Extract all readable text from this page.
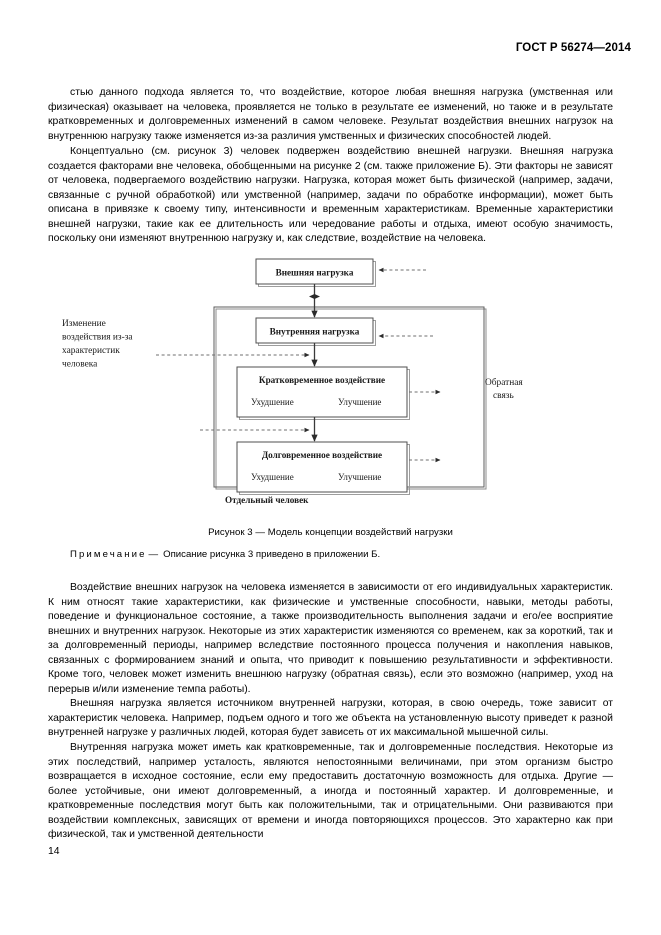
ГОСТ Р 56274—2014

стью данного подхода является то, что воздействие, которое любая внешняя нагрузка (умственная или физическая) оказывает на человека, проявляется не только в результате ее изменений, но также и в результате кратковременных и долговременных изменений в самом человеке. Результат воздействия внешних нагрузок на внутреннюю нагрузку также изменяется из-за различия умственных и физических способностей людей.

Концептуально (см. рисунок 3) человек подвержен воздействию внешней нагрузки. Внешняя нагрузка создается факторами вне человека, обобщенными на рисунке 2 (см. также приложение Б). Эти факторы не зависят от человека, подвергаемого воздействию нагрузки. Нагрузка, которая может быть физической (например, задачи, связанные с ручной обработкой) или умственной (например, задачи по обработке информации), может быть описана в привязке к своему типу, интенсивности и временным характеристикам. Временные характеристики внешней нагрузки, такие как ее длительность или чередование работы и отдыха, имеют особую значимость, поскольку они изменяют внутреннюю нагрузку и, как следствие, воздействие на человека.

Внешняя нагрузка
Внутренняя нагрузка
Кратковременное воздействие
Ухудшение	Улучшение
Долговременное воздействие
Ухудшение	Улучшение
Отдельный человек
Обратная
связь
Изменение
воздействия из-за
характеристик
человека
Рисунок 3 — Модель концепции воздействий нагрузки
Примечание — Описание рисунка 3 приведено в приложении Б.

Воздействие внешних нагрузок на человека изменяется в зависимости от его индивидуальных характеристик. К ним относят такие характеристики, как физические и умственные способности, навыки, методы работы, поведение и функциональное состояние, а также производительность выполнения задачи и его/ее восприятие внешних и внутренних нагрузок. Некоторые из этих характеристик изменяются со временем, как за короткий, так и за долговременный периоды, например вследствие постоянного процесса получения и накопления навыков, связанных с формированием знаний и опыта, что приводит к повышению результативности и эффективности. Кроме того, человек может изменить внешнюю нагрузку (обратная связь), если это возможно (например, уход на перерыв и/или изменение темпа работы).

Внешняя нагрузка является источником внутренней нагрузки, которая, в свою очередь, тоже зависит от характеристик человека. Например, подъем одного и того же объекта на установленную высоту приведет к разной внутренней нагрузке у различных людей, которая будет зависеть от их максимальной мышечной силы.

Внутренняя нагрузка может иметь как кратковременные, так и долговременные последствия. Некоторые из этих последствий, например усталость, являются непостоянными величинами, при этом организм быстро возвращается в исходное состояние, если ему предоставить достаточную возможность для отдыха. Другие — более устойчивые, они имеют долговременный, а иногда и постоянный характер. И долговременные, и кратковременные последствия могут быть как положительными, так и отрицательными. Они развиваются при воздействии комплексных, зависящих от времени и иногда повторяющихся процессов. Это характерно как при физической, так и умственной деятельности

14
